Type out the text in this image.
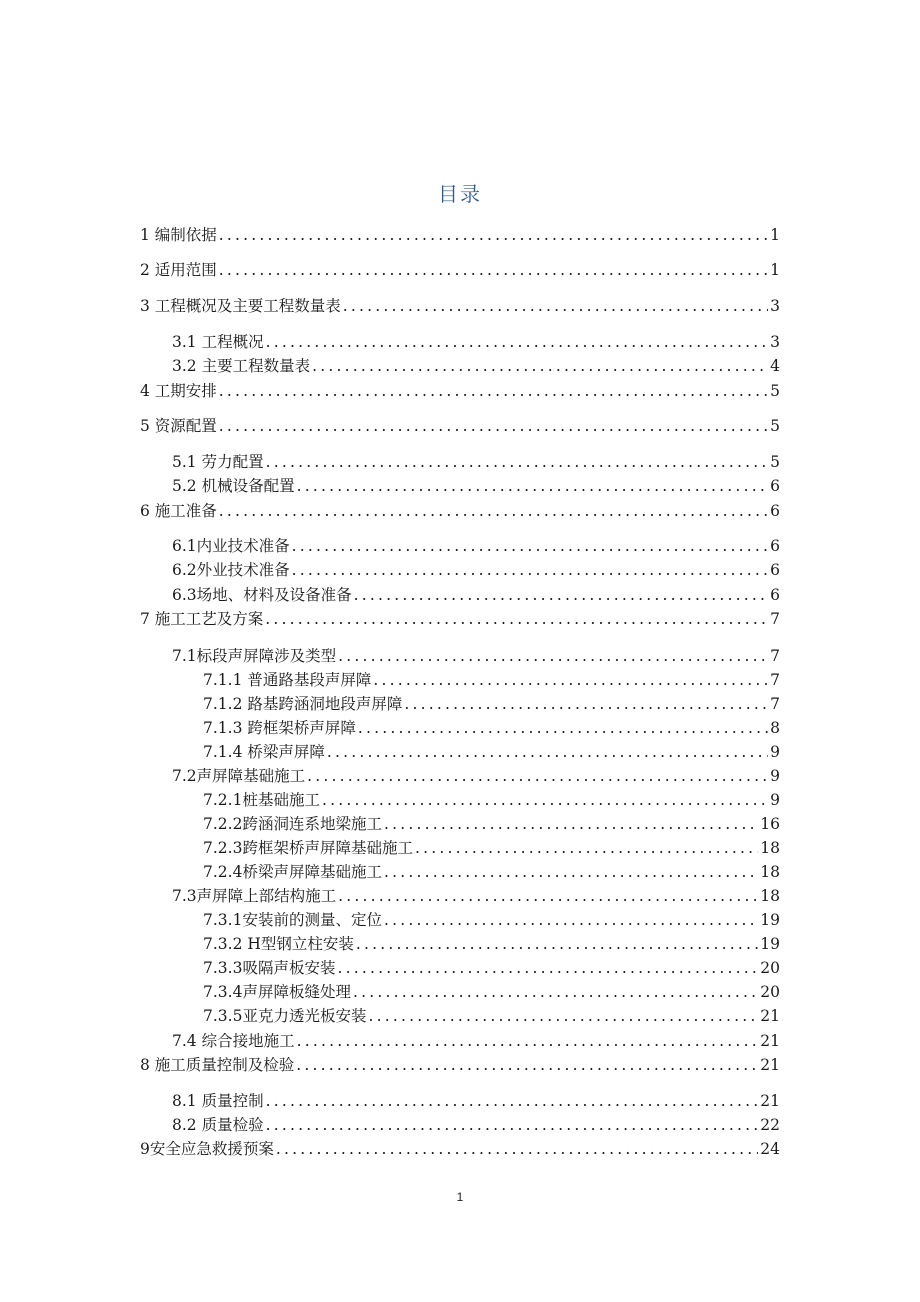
目录
1 编制依据 .....	1
2 适用范围 .....	1
3 工程概况及主要工程数量表 .....	3
3.1 工程概况 .....	3
3.2 主要工程数量表 .....	4
4 工期安排 .....	5
5 资源配置 .....	5
5.1 劳力配置 .....	5
5.2 机械设备配置 .....	6
6 施工准备 .....	6
6.1内业技术准备 .....	6
6.2外业技术准备 .....	6
6.3场地、材料及设备准备 .....	6
7 施工工艺及方案 .....	7
7.1标段声屏障涉及类型 .....	7
7.1.1 普通路基段声屏障 .....	7
7.1.2 路基跨涵洞地段声屏障 .....	7
7.1.3 跨框架桥声屏障 .....	8
7.1.4 桥梁声屏障 .....	9
7.2声屏障基础施工 .....	9
7.2.1桩基础施工 .....	9
7.2.2跨涵洞连系地梁施工 .....	16
7.2.3跨框架桥声屏障基础施工 .....	18
7.2.4桥梁声屏障基础施工 .....	18
7.3声屏障上部结构施工 .....	18
7.3.1安装前的测量、定位 .....	19
7.3.2 H型钢立柱安装 .....	19
7.3.3吸隔声板安装 .....	20
7.3.4声屏障板缝处理 .....	20
7.3.5亚克力透光板安装 .....	21
7.4 综合接地施工 .....	21
8 施工质量控制及检验 .....	21
8.1 质量控制 .....	21
8.2 质量检验 .....	22
9安全应急救援预案 .....	24
1
